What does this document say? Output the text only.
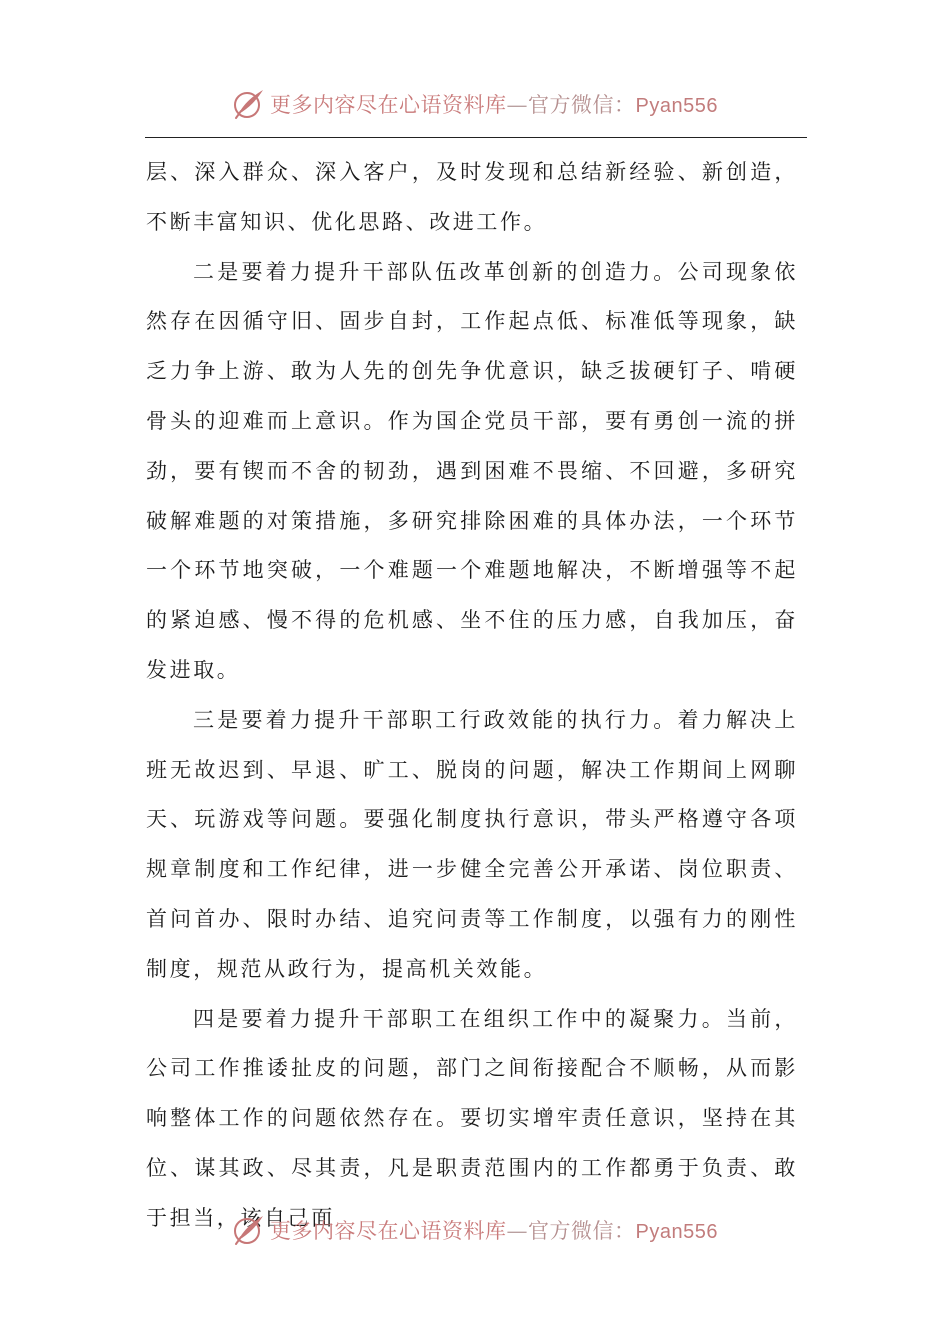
更多内容尽在心语资料库—官方微信：Pyan556

层、深入群众、深入客户，及时发现和总结新经验、新创造，不断丰富知识、优化思路、改进工作。

二是要着力提升干部队伍改革创新的创造力。公司现象依然存在因循守旧、固步自封，工作起点低、标准低等现象，缺乏力争上游、敢为人先的创先争优意识，缺乏拔硬钉子、啃硬骨头的迎难而上意识。作为国企党员干部，要有勇创一流的拼劲，要有锲而不舍的韧劲，遇到困难不畏缩、不回避，多研究破解难题的对策措施，多研究排除困难的具体办法，一个环节一个环节地突破，一个难题一个难题地解决，不断增强等不起的紧迫感、慢不得的危机感、坐不住的压力感，自我加压，奋发进取。

三是要着力提升干部职工行政效能的执行力。着力解决上班无故迟到、早退、旷工、脱岗的问题，解决工作期间上网聊天、玩游戏等问题。要强化制度执行意识，带头严格遵守各项规章制度和工作纪律，进一步健全完善公开承诺、岗位职责、首问首办、限时办结、追究问责等工作制度，以强有力的刚性制度，规范从政行为，提高机关效能。

四是要着力提升干部职工在组织工作中的凝聚力。当前，公司工作推诿扯皮的问题，部门之间衔接配合不顺畅，从而影响整体工作的问题依然存在。要切实增牢责任意识，坚持在其位、谋其政、尽其责，凡是职责范围内的工作都勇于负责、敢于担当，该自己面

更多内容尽在心语资料库—官方微信：Pyan556
